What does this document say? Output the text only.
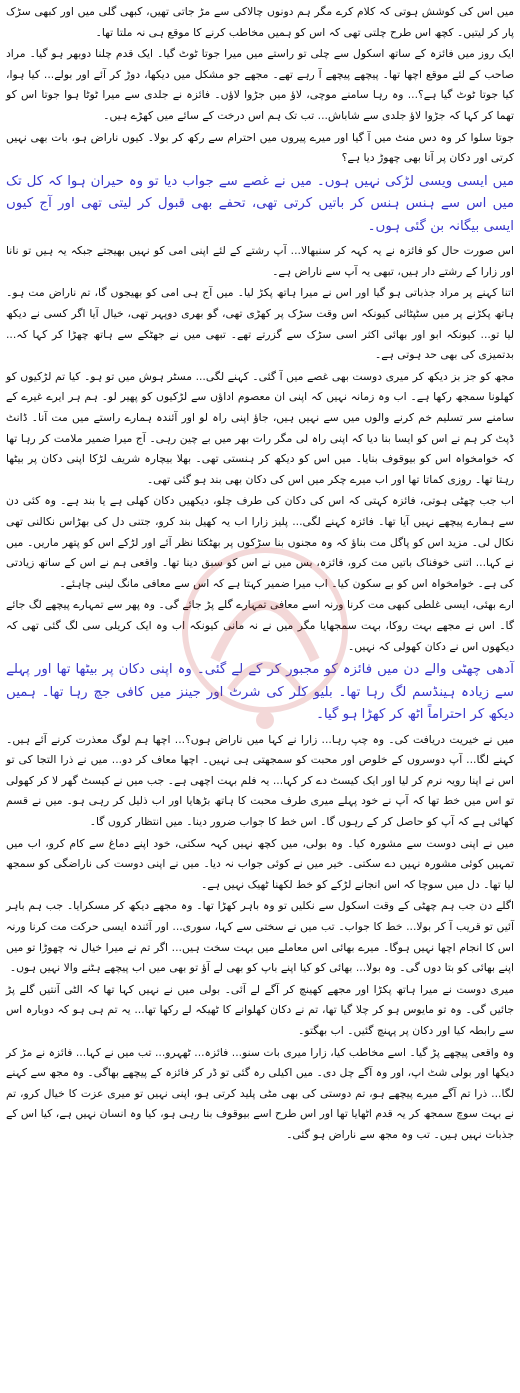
میں اس کی کوشش ہوتی کہ کلام کرے مگر ہم دونوں چالاکی سے مڑ جاتی تھیں، کبھی گلی میں اور کبھی سڑک پار کر لیتیں۔ کچھ اس طرح چلتی تھی کہ اس کو ہمیں مخاطب کرنے کا موقع ہی نہ ملتا تھا۔

ایک روز میں فائزہ کے ساتھ اسکول سے چلی تو راستے میں میرا جوتا ٹوٹ گیا۔ ایک قدم چلنا دوبھر ہو گیا۔ مراد صاحب کے لئے موقع اچھا تھا۔ پیچھے پیچھے آ رہے تھے۔ مجھے جو مشکل میں دیکھا، دوڑ کر آئے اور بولے... کیا ہوا، کیا جوتا ٹوٹ گیا ہے؟... وہ رہا سامنے موچی، لاؤ میں جڑوا لاؤں۔ فائزہ نے جلدی سے میرا ٹوٹا ہوا جوتا اس کو تھما کر کہا کہ جڑوا لاؤ جلدی سے شاباش... تب تک ہم اس درخت کے سائے میں کھڑے ہیں۔

جوتا سلوا کر وہ دس منٹ میں آ گیا اور میرے پیروں میں احترام سے رکھ کر بولا۔ کیوں ناراض ہو، بات بھی نہیں کرتی اور دکان پر آنا بھی چھوڑ دیا ہے؟

میں ایسی ویسی لڑکی نہیں ہوں۔ میں نے غصے سے جواب دیا تو وہ حیران ہوا کہ کل تک میں اس سے ہنس ہنس کر باتیں کرتی تھی، تحفے بھی قبول کر لیتی تھی اور آج کیوں ایسی بیگانہ بن گئی ہوں۔

اس صورت حال کو فائزہ نے یہ کہہ کر سنبھالا... آپ رشتے کے لئے اپنی امی کو نہیں بھیجتے جبکہ یہ ہیں تو نانا اور زارا کے رشتے دار ہیں، تبھی یہ آپ سے ناراض ہے۔

اتنا کہنے پر مراد جذباتی ہو گیا اور اس نے میرا ہاتھ پکڑ لیا۔ میں آج ہی امی کو بھیجوں گا، تم ناراض مت ہو۔ ہاتھ پکڑنے پر میں سٹپٹائی کیونکہ اس وقت سڑک پر کھڑی تھی، گو بھری دوپہر تھی، خیال آیا اگر کسی نے دیکھ لیا تو... کیونکہ ابو اور بھائی اکثر اسی سڑک سے گزرتے تھے۔ تبھی میں نے جھٹکے سے ہاتھ چھڑا کر کہا کہ... بدتمیزی کی بھی حد ہوتی ہے۔

مجھ کو جز بز دیکھ کر میری دوست بھی غصے میں آ گئی۔ کہنے لگی... مسٹر ہوش میں تو ہو۔ کیا تم لڑکیوں کو کھلونا سمجھ رکھا ہے۔ اب وہ زمانہ نہیں کہ اپنی ان معصوم اداؤں سے لڑکیوں کو پھیر لو۔ ہم ہر ایرے غیرے کے سامنے سر تسلیم خم کرنے والوں میں سے نہیں ہیں، جاؤ اپنی راہ لو اور آئندہ ہمارے راستے میں مت آنا۔ ڈانٹ ڈپٹ کر ہم نے اس کو ایسا بنا دیا کہ اپنی راہ لی مگر رات بھر میں بے چین رہی۔ آج میرا ضمیر ملامت کر رہا تھا کہ خوامخواہ اس کو بیوقوف بنایا۔ میں اس کو دیکھ کر ہنستی تھی۔ بھلا بیچارہ شریف لڑکا اپنی دکان پر بیٹھا رہتا تھا۔ روزی کماتا تھا اور اب میرے چکر میں اس کی دکان بھی بند ہو گئی تھی۔

اب جب چھٹی ہوتی، فائزہ کہتی کہ اس کی دکان کی طرف چلو، دیکھیں دکان کھلی ہے یا بند ہے۔ وہ کئی دن سے ہمارے پیچھے نہیں آیا تھا۔ فائزہ کہنے لگی... پلیز زارا اب یہ کھیل بند کرو، جتنی دل کی بھڑاس نکالنی تھی نکال لی۔ مزید اس کو پاگل مت بناؤ کہ وہ مجنوں بنا سڑکوں پر بھٹکتا نظر آئے اور لڑکے اس کو پتھر ماریں۔ میں نے کہا... اتنی خوفناک باتیں مت کرو، فائزہ، بس میں نے اس کو سبق دینا تھا۔ واقعی ہم نے اس کے ساتھ زیادتی کی ہے۔ خوامخواہ اس کو بے سکون کیا۔ اب میرا ضمیر کہتا ہے کہ اس سے معافی مانگ لینی چاہئے۔

ارے بھئی، ایسی غلطی کبھی مت کرنا ورنہ اسے معافی تمہارے گلے پڑ جائے گی۔ وہ پھر سے تمہارے پیچھے لگ جائے گا۔ اس نے مجھے بہت روکا، بہت سمجھایا مگر میں نے نہ مانی کیونکہ اب وہ ایک کریلی سی لگ گئی تھی کہ دیکھوں اس نے دکان کھولی کہ نہیں۔

آدھی چھٹی والے دن میں فائزہ کو مجبور کر کے لے گئی۔ وہ اپنی دکان پر بیٹھا تھا اور پہلے سے زیادہ ہینڈسم لگ رہا تھا۔ بلیو کلر کی شرٹ اور جینز میں کافی جچ رہا تھا۔ ہمیں دیکھ کر احتراماً اٹھ کر کھڑا ہو گیا۔

میں نے خیریت دریافت کی۔ وہ چپ رہا... زارا نے کہا میں ناراض ہوں؟... اچھا ہم لوگ معذرت کرنے آئے ہیں۔ کہنے لگا... آپ دوسروں کے خلوص اور محبت کو سمجھتی ہی نہیں۔ اچھا معاف کر دو... میں نے ذرا التجا کی تو اس نے اپنا رویہ نرم کر لیا اور ایک کیسٹ دے کر کہا... یہ فلم بہت اچھی ہے۔ جب میں نے کیسٹ گھر لا کر کھولی تو اس میں خط تھا کہ آپ نے خود پہلے میری طرف محبت کا ہاتھ بڑھایا اور اب ذلیل کر رہی ہو۔ میں نے قسم کھائی ہے کہ آپ کو حاصل کر کے رہوں گا۔ اس خط کا جواب ضرور دینا۔ میں انتظار کروں گا۔

میں نے اپنی دوست سے مشورہ کیا۔ وہ بولی، میں کچھ نہیں کہہ سکتی، خود اپنے دماغ سے کام کرو، اب میں تمہیں کوئی مشورہ نہیں دے سکتی۔ خیر میں نے کوئی جواب نہ دیا۔ میں نے اپنی دوست کی ناراضگی کو سمجھ لیا تھا۔ دل میں سوچا کہ اس انجانے لڑکے کو خط لکھنا ٹھیک نہیں ہے۔

اگلے دن جب ہم چھٹی کے وقت اسکول سے نکلیں تو وہ باہر کھڑا تھا۔ وہ مجھے دیکھ کر مسکرایا۔ جب ہم باہر آئیں تو قریب آ کر بولا... خط کا جواب۔ تب میں نے سختی سے کہا، سوری... اور آئندہ ایسی حرکت مت کرنا ورنہ اس کا انجام اچھا نہیں ہوگا۔ میرے بھائی اس معاملے میں بہت سخت ہیں... اگر تم نے میرا خیال نہ چھوڑا تو میں اپنے بھائی کو بتا دوں گی۔ وہ بولا... بھائی کو کیا اپنے باپ کو بھی لے آؤ تو بھی میں اب پیچھے ہٹنے والا نہیں ہوں۔

میری دوست نے میرا ہاتھ پکڑا اور مجھے کھینچ کر آگے لے آئی۔ بولی میں نے نہیں کہا تھا کہ الٹی آنتیں گلے پڑ جائیں گی۔ وہ تو مایوس ہو کر چلا گیا تھا، تم نے دکان کھلوانے کا ٹھیکہ لے رکھا تھا... یہ تم ہی ہو کہ دوبارہ اس سے رابطہ کیا اور دکان پر پہنچ گئیں۔ اب بھگتو۔

وہ واقعی پیچھے پڑ گیا۔ اسے مخاطب کیا، زارا میری بات سنو... فائزہ... ٹھہرو... تب میں نے کہا... فائزہ نے مڑ کر دیکھا اور بولی شٹ اپ، اور وہ آگے چل دی۔ میں اکیلی رہ گئی تو ڈر کر فائزہ کے پیچھے بھاگی۔ وہ مجھ سے کہنے لگا... ذرا تم آگے میرے پیچھے ہو، تم دوستی کی بھی مٹی پلید کرتی ہو، اپنی نہیں تو میری عزت کا خیال کرو، تم نے بہت سوچ سمجھ کر یہ قدم اٹھایا تھا اور اس طرح اسے بیوقوف بنا رہی ہو، کیا وہ انسان نہیں ہے، کیا اس کے جذبات نہیں ہیں۔ تب وہ مجھ سے ناراض ہو گئی۔
